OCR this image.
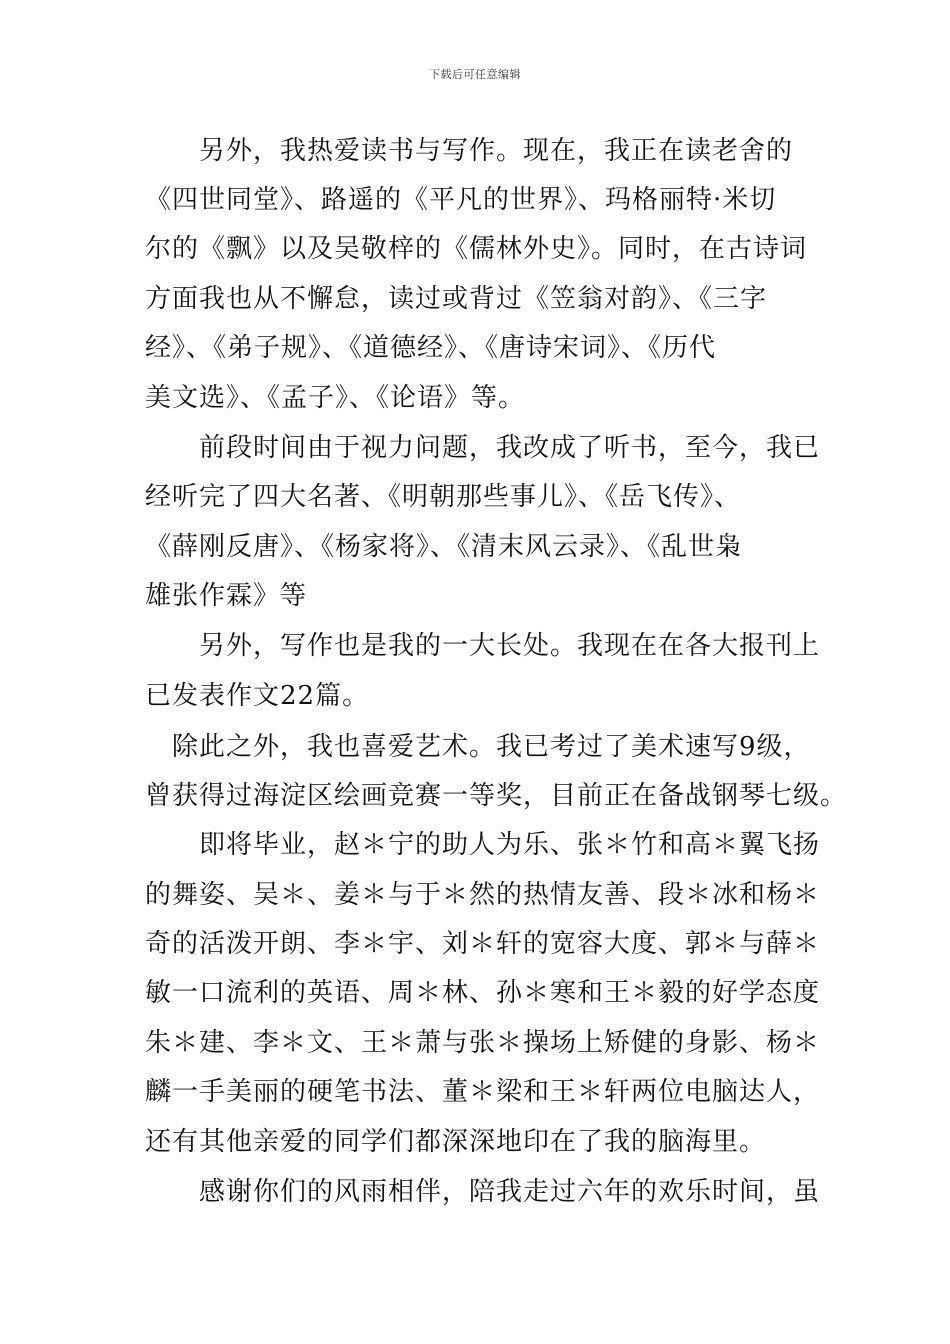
下载后可任意编辑
　　另外，我热爱读书与写作。现在，我正在读老舍的
《四世同堂》、路遥的《平凡的世界》、玛格丽特·米切
尔的《飘》以及吴敬梓的《儒林外史》。同时，在古诗词
方面我也从不懈怠，读过或背过《笠翁对韵》、《三字
经》、《弟子规》、《道德经》、《唐诗宋词》、《历代
美文选》、《孟子》、《论语》等。
　　前段时间由于视力问题，我改成了听书，至今，我已
经听完了四大名著、《明朝那些事儿》、《岳飞传》、
《薛刚反唐》、《杨家将》、《清末风云录》、《乱世枭
雄张作霖》等
　　另外，写作也是我的一大长处。我现在在各大报刊上
已发表作文22篇。
　除此之外，我也喜爱艺术。我已考过了美术速写9级，
曾获得过海淀区绘画竞赛一等奖，目前正在备战钢琴七级。
　　即将毕业，赵＊宁的助人为乐、张＊竹和高＊翼飞扬
的舞姿、吴＊、姜＊与于＊然的热情友善、段＊冰和杨＊
奇的活泼开朗、李＊宇、刘＊轩的宽容大度、郭＊与薛＊
敏一口流利的英语、周＊林、孙＊寒和王＊毅的好学态度
朱＊建、李＊文、王＊萧与张＊操场上矫健的身影、杨＊
麟一手美丽的硬笔书法、董＊梁和王＊轩两位电脑达人，
还有其他亲爱的同学们都深深地印在了我的脑海里。
　　感谢你们的风雨相伴，陪我走过六年的欢乐时间，虽
